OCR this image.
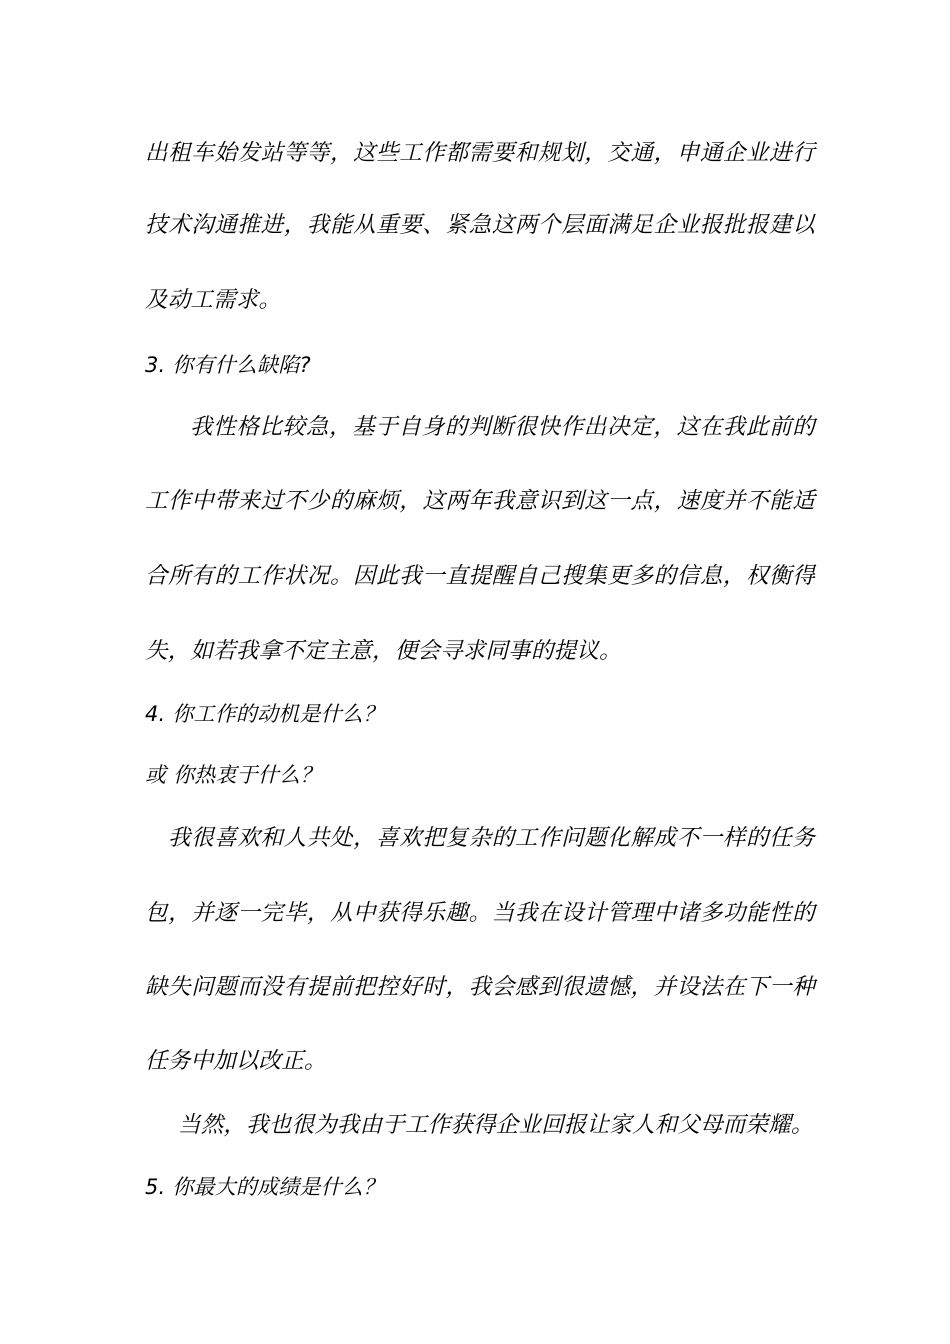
出租车始发站等等，这些工作都需要和规划，交通，申通企业进行
技术沟通推进，我能从重要、紧急这两个层面满足企业报批报建以
及动工需求。
3. 你有什么缺陷?
我性格比较急，基于自身的判断很快作出决定，这在我此前的
工作中带来过不少的麻烦，这两年我意识到这一点，速度并不能适
合所有的工作状况。因此我一直提醒自己搜集更多的信息，权衡得
失，如若我拿不定主意，便会寻求同事的提议。
4. 你工作的动机是什么？
或 你热衷于什么？
我很喜欢和人共处，喜欢把复杂的工作问题化解成不一样的任务
包，并逐一完毕，从中获得乐趣。当我在设计管理中诸多功能性的
缺失问题而没有提前把控好时，我会感到很遗憾，并设法在下一种
任务中加以改正。
当然，我也很为我由于工作获得企业回报让家人和父母而荣耀。
5. 你最大的成绩是什么？
